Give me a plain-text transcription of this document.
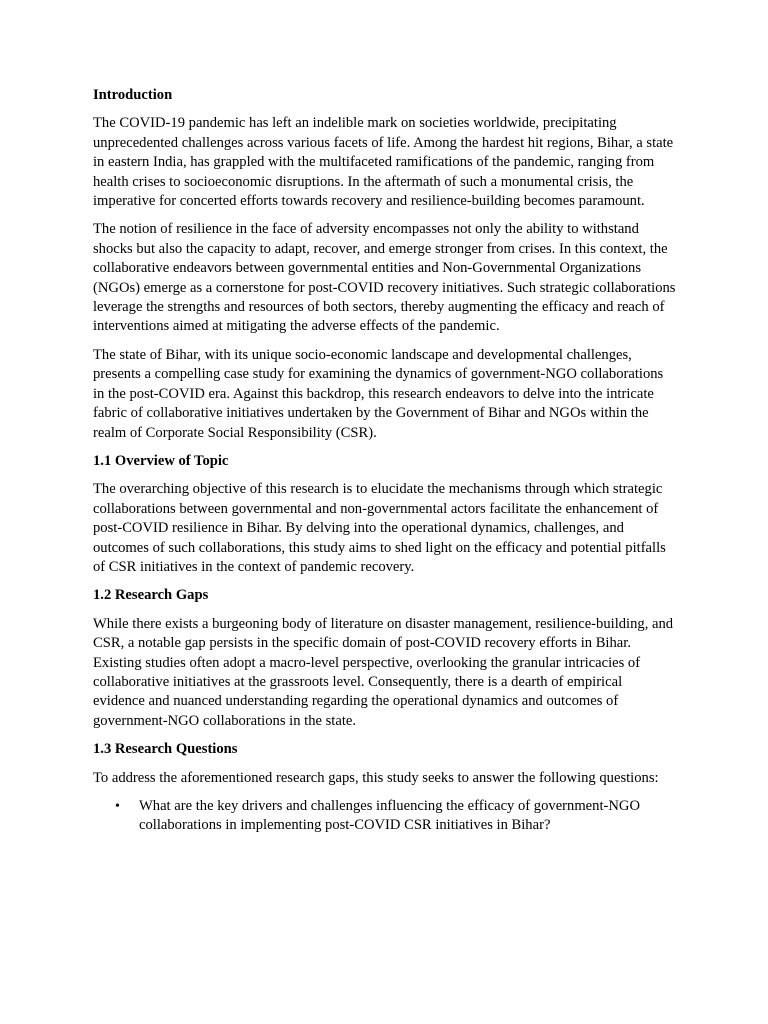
Introduction

The COVID-19 pandemic has left an indelible mark on societies worldwide, precipitating unprecedented challenges across various facets of life. Among the hardest hit regions, Bihar, a state in eastern India, has grappled with the multifaceted ramifications of the pandemic, ranging from health crises to socioeconomic disruptions. In the aftermath of such a monumental crisis, the imperative for concerted efforts towards recovery and resilience-building becomes paramount.

The notion of resilience in the face of adversity encompasses not only the ability to withstand shocks but also the capacity to adapt, recover, and emerge stronger from crises. In this context, the collaborative endeavors between governmental entities and Non-Governmental Organizations (NGOs) emerge as a cornerstone for post-COVID recovery initiatives. Such strategic collaborations leverage the strengths and resources of both sectors, thereby augmenting the efficacy and reach of interventions aimed at mitigating the adverse effects of the pandemic.

The state of Bihar, with its unique socio-economic landscape and developmental challenges, presents a compelling case study for examining the dynamics of government-NGO collaborations in the post-COVID era. Against this backdrop, this research endeavors to delve into the intricate fabric of collaborative initiatives undertaken by the Government of Bihar and NGOs within the realm of Corporate Social Responsibility (CSR).

1.1 Overview of Topic

The overarching objective of this research is to elucidate the mechanisms through which strategic collaborations between governmental and non-governmental actors facilitate the enhancement of post-COVID resilience in Bihar. By delving into the operational dynamics, challenges, and outcomes of such collaborations, this study aims to shed light on the efficacy and potential pitfalls of CSR initiatives in the context of pandemic recovery.

1.2 Research Gaps

While there exists a burgeoning body of literature on disaster management, resilience-building, and CSR, a notable gap persists in the specific domain of post-COVID recovery efforts in Bihar. Existing studies often adopt a macro-level perspective, overlooking the granular intricacies of collaborative initiatives at the grassroots level. Consequently, there is a dearth of empirical evidence and nuanced understanding regarding the operational dynamics and outcomes of government-NGO collaborations in the state.

1.3 Research Questions

To address the aforementioned research gaps, this study seeks to answer the following questions:

• What are the key drivers and challenges influencing the efficacy of government-NGO collaborations in implementing post-COVID CSR initiatives in Bihar?
